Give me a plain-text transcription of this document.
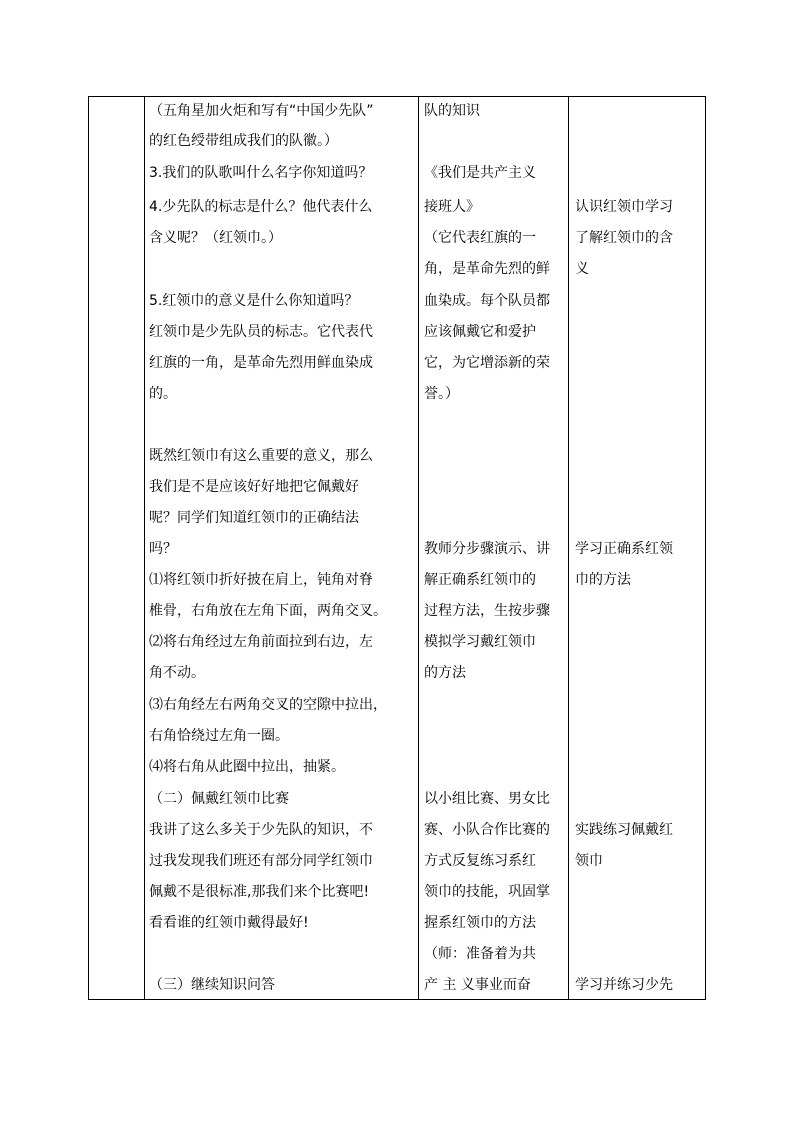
（五角星加火炬和写有“中国少先队”
的红色绶带组成我们的队徽。）
3.我们的队歌叫什么名字你知道吗？
4.少先队的标志是什么？他代表什么
含义呢？（红领巾。）
5.红领巾的意义是什么你知道吗？
红领巾是少先队员的标志。它代表代
红旗的一角，是革命先烈用鲜血染成
的。
既然红领巾有这么重要的意义，那么
我们是不是应该好好地把它佩戴好
呢？同学们知道红领巾的正确结法
吗？
⑴将红领巾折好披在肩上，钝角对脊
椎骨，右角放在左角下面，两角交叉。
⑵将右角经过左角前面拉到右边，左
角不动。
⑶右角经左右两角交叉的空隙中拉出，
右角恰绕过左角一圈。
⑷将右角从此圈中拉出，抽紧。
（二）佩戴红领巾比赛
我讲了这么多关于少先队的知识，不
过我发现我们班还有部分同学红领巾
佩戴不是很标准,那我们来个比赛吧!
看看谁的红领巾戴得最好!
（三）继续知识问答
队的知识
《我们是共产主义
接班人》
（它代表红旗的一
角，是革命先烈的鲜
血染成。每个队员都
应该佩戴它和爱护
它，为它增添新的荣
誉。）
教师分步骤演示、讲
解正确系红领巾的
过程方法，生按步骤
模拟学习戴红领巾
的方法
以小组比赛、男女比
赛、小队合作比赛的
方式反复练习系红
领巾的技能，巩固掌
握系红领巾的方法
（师：准备着为共
产 主 义事业而奋
认识红领巾学习
了解红领巾的含
义
学习正确系红领
巾的方法
实践练习佩戴红
领巾
学习并练习少先
